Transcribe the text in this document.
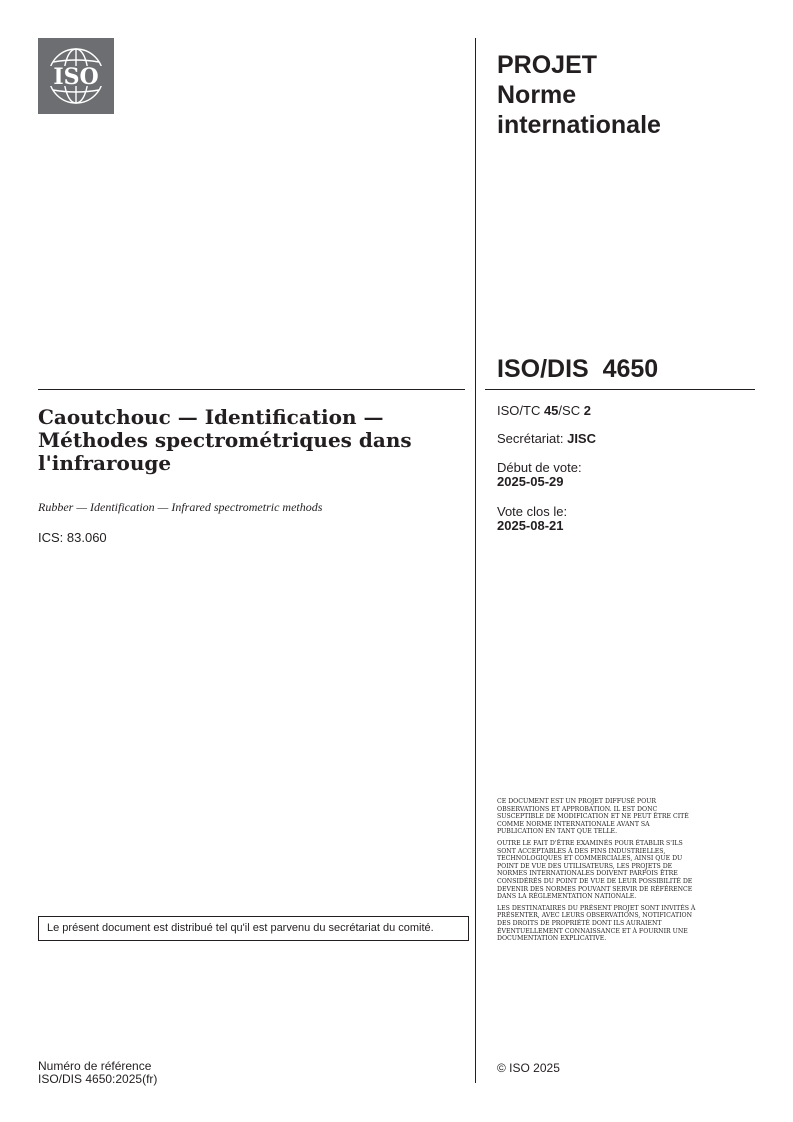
ISO	PROJET
Norme
internationale
ISO/DIS  4650
Caoutchouc — Identification — Méthodes spectrométriques dans l'infrarouge
Rubber — Identification — Infrared spectrometric methods
ICS: 83.060
ISO/TC 45/SC 2
Secrétariat: JISC
Début de vote:
2025-05-29
Vote clos le:
2025-08-21

CE DOCUMENT EST UN PROJET DIFFUSÉ POUR OBSERVATIONS ET APPROBATION. IL EST DONC SUSCEPTIBLE DE MODIFICATION ET NE PEUT ÊTRE CITÉ COMME NORME INTERNATIONALE AVANT SA PUBLICATION EN TANT QUE TELLE.

OUTRE LE FAIT D'ÊTRE EXAMINÉS POUR ÉTABLIR S'ILS SONT ACCEPTABLES À DES FINS INDUSTRIELLES, TECHNOLOGIQUES ET COMMERCIALES, AINSI QUE DU POINT DE VUE DES UTILISATEURS, LES PROJETS DE NORMES INTERNATIONALES DOIVENT PARFOIS ÊTRE CONSIDÉRÉS DU POINT DE VUE DE LEUR POSSIBILITÉ DE DEVENIR DES NORMES POUVANT SERVIR DE RÉFÉRENCE DANS LA RÉGLEMENTATION NATIONALE.

LES DESTINATAIRES DU PRÉSENT PROJET SONT INVITÉS À PRÉSENTER, AVEC LEURS OBSERVATIONS, NOTIFICATION DES DROITS DE PROPRIÉTÉ DONT ILS AURAIENT ÉVENTUELLEMENT CONNAISSANCE ET À FOURNIR UNE DOCUMENTATION EXPLICATIVE.

© ISO 2025
Le présent document est distribué tel qu'il est parvenu du secrétariat du comité.
Numéro de référence
ISO/DIS 4650:2025(fr)
